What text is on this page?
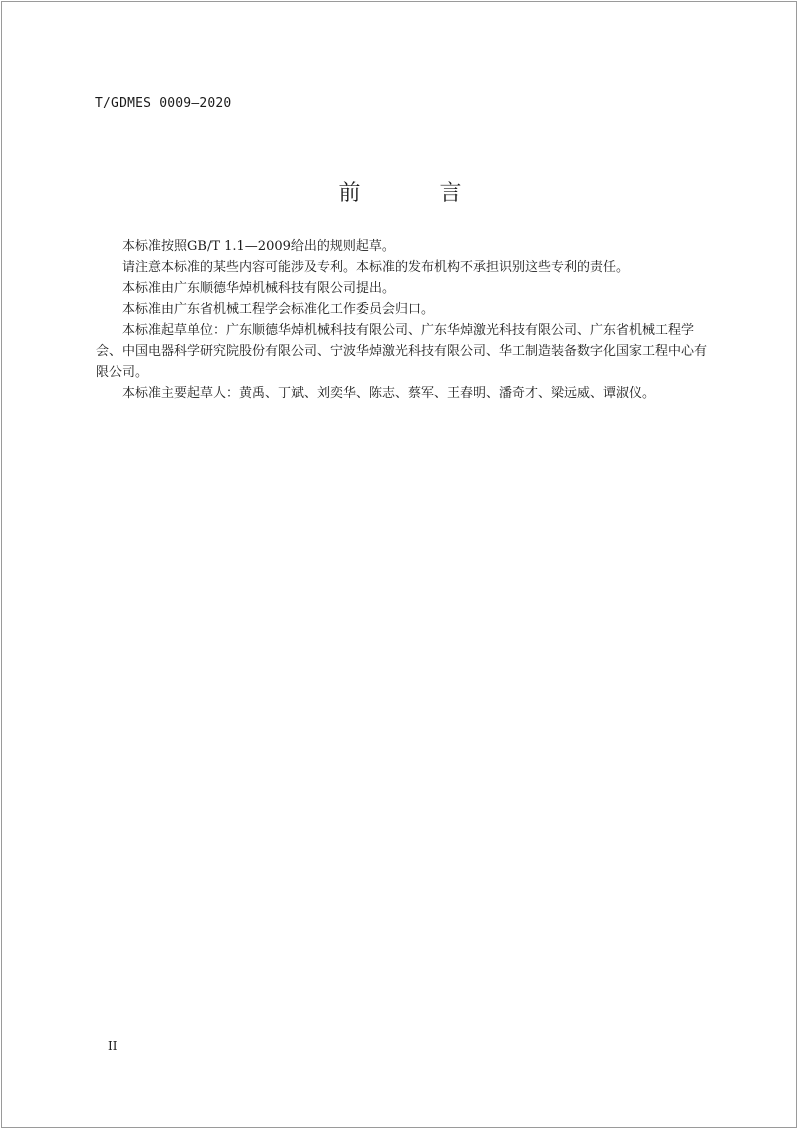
T/GDMES 0009—2020
前 言

本标准按照GB/T 1.1—2009给出的规则起草。

请注意本标准的某些内容可能涉及专利。本标准的发布机构不承担识别这些专利的责任。

本标准由广东顺德华焯机械科技有限公司提出。

本标准由广东省机械工程学会标准化工作委员会归口。

本标准起草单位：广东顺德华焯机械科技有限公司、广东华焯激光科技有限公司、广东省机械工程学会、中国电器科学研究院股份有限公司、宁波华焯激光科技有限公司、华工制造装备数字化国家工程中心有限公司。

本标准主要起草人：黄禹、丁斌、刘奕华、陈志、蔡军、王春明、潘奇才、梁远威、谭淑仪。

II
